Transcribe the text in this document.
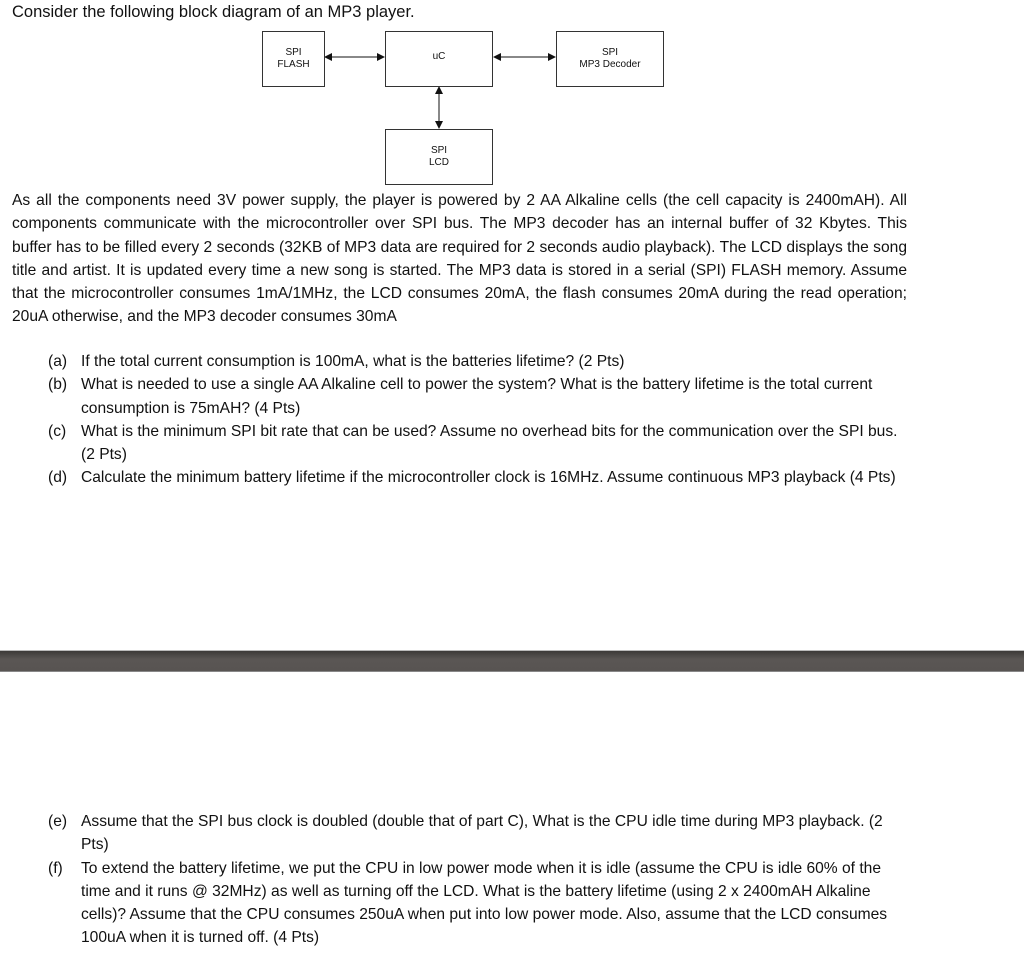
Consider the following block diagram of an MP3 player.
SPI
FLASH
uC	SPI
MP3 Decoder
SPI
LCD
As all the components need 3V power supply, the player is powered by 2 AA Alkaline cells (the cell capacity is 2400mAH). All components communicate with the microcontroller over SPI bus. The MP3 decoder has an internal buffer of 32 Kbytes. This buffer has to be filled every 2 seconds (32KB of MP3 data are required for 2 seconds audio playback). The LCD displays the song title and artist. It is updated every time a new song is started. The MP3 data is stored in a serial (SPI) FLASH memory. Assume that the microcontroller consumes 1mA/1MHz, the LCD consumes 20mA, the flash consumes 20mA during the read operation; 20uA otherwise, and the MP3 decoder consumes 30mA
(a) If the total current consumption is 100mA, what is the batteries lifetime? (2 Pts)
(b) What is needed to use a single AA Alkaline cell to power the system? What is the battery lifetime is the total current consumption is 75mAH? (4 Pts)
(c) What is the minimum SPI bit rate that can be used? Assume no overhead bits for the communication over the SPI bus. (2 Pts)
(d) Calculate the minimum battery lifetime if the microcontroller clock is 16MHz. Assume continuous MP3 playback (4 Pts)
(e) Assume that the SPI bus clock is doubled (double that of part C), What is the CPU idle time during MP3 playback. (2 Pts)
(f) To extend the battery lifetime, we put the CPU in low power mode when it is idle (assume the CPU is idle 60% of the time and it runs @ 32MHz) as well as turning off the LCD. What is the battery lifetime (using 2 x 2400mAH Alkaline cells)? Assume that the CPU consumes 250uA when put into low power mode. Also, assume that the LCD consumes 100uA when it is turned off. (4 Pts)
